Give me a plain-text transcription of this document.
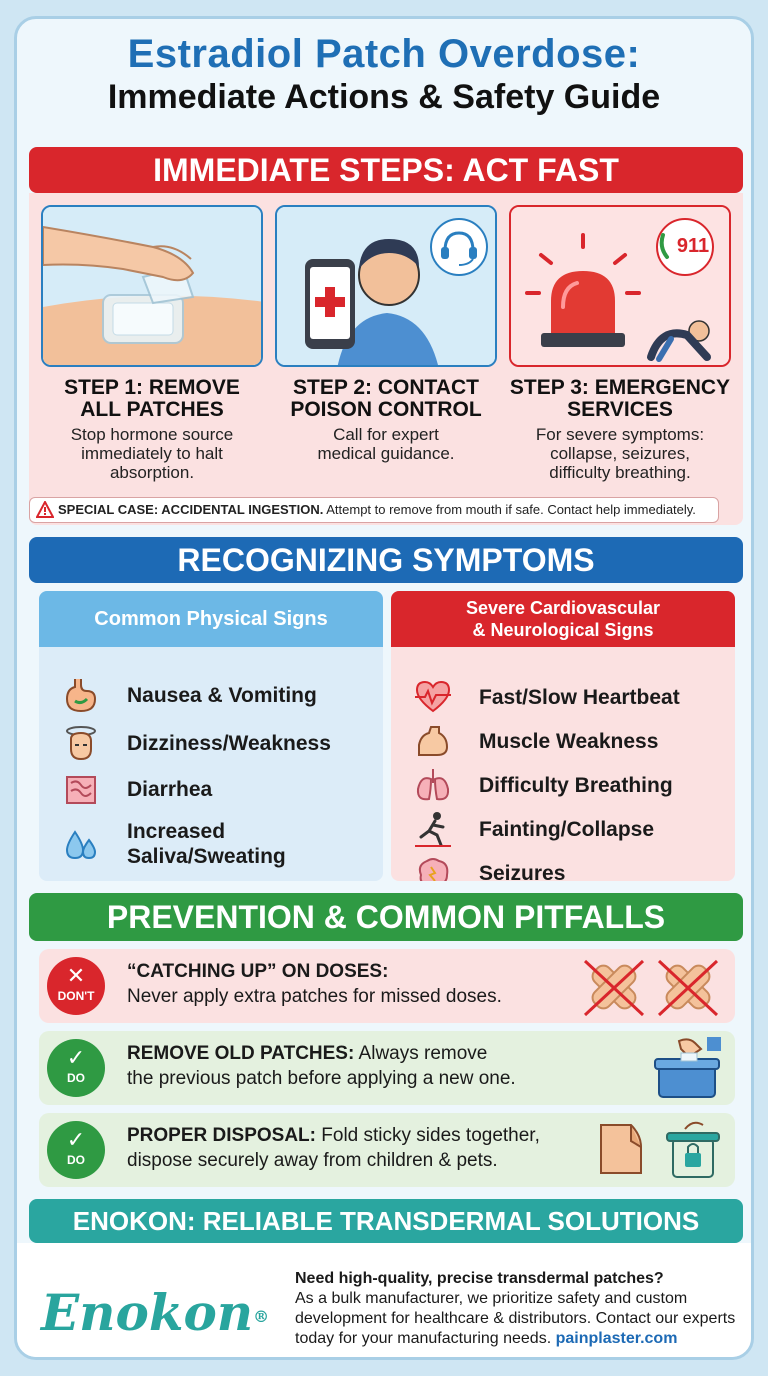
Estradiol Patch Overdose:
Immediate Actions & Safety Guide
IMMEDIATE STEPS: ACT FAST
STEP 1: REMOVE
ALL PATCHES
Stop hormone source
immediately to halt
absorption.
STEP 2: CONTACT
POISON CONTROL
Call for expert
medical guidance.
911
STEP 3: EMERGENCY
SERVICES
For severe symptoms:
collapse, seizures,
difficulty breathing.
SPECIAL CASE: ACCIDENTAL INGESTION. Attempt to remove from mouth if safe. Contact help immediately.
RECOGNIZING SYMPTOMS
Common Physical Signs
Nausea & Vomiting
Dizziness/Weakness
Diarrhea
Increased
Saliva/Sweating
Severe Cardiovascular
& Neurological Signs
Fast/Slow Heartbeat
Muscle Weakness
Difficulty Breathing
Fainting/Collapse
Seizures
PREVENTION & COMMON PITFALLS
✕
DON'T
“CATCHING UP” ON DOSES:
Never apply extra patches for missed doses.
✓
DO
REMOVE OLD PATCHES: Always remove
the previous patch before applying a new one.
✓
DO
PROPER DISPOSAL: Fold sticky sides together,
dispose securely away from children & pets.
ENOKON: RELIABLE TRANSDERMAL SOLUTIONS
Enokon®
Need high-quality, precise transdermal patches?
As a bulk manufacturer, we prioritize safety and custom development for healthcare & distributors. Contact our experts today for your manufacturing needs. painplaster.com
